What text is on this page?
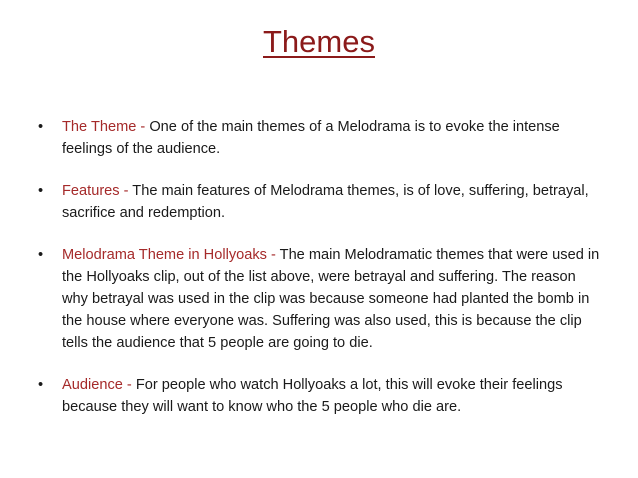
Themes
• The Theme - One of the main themes of a Melodrama is to evoke the intense feelings of the audience.
• Features - The main features of Melodrama themes, is of love, suffering, betrayal, sacrifice and redemption.
• Melodrama Theme in Hollyoaks - The main Melodramatic themes that were used in the Hollyoaks clip, out of the list above, were betrayal and suffering. The reason why betrayal was used in the clip was because someone had planted the bomb in the house where everyone was. Suffering was also used, this is because the clip tells the audience that 5 people are going to die.
• Audience - For people who watch Hollyoaks a lot, this will evoke their feelings because they will want to know who the 5 people who die are.
